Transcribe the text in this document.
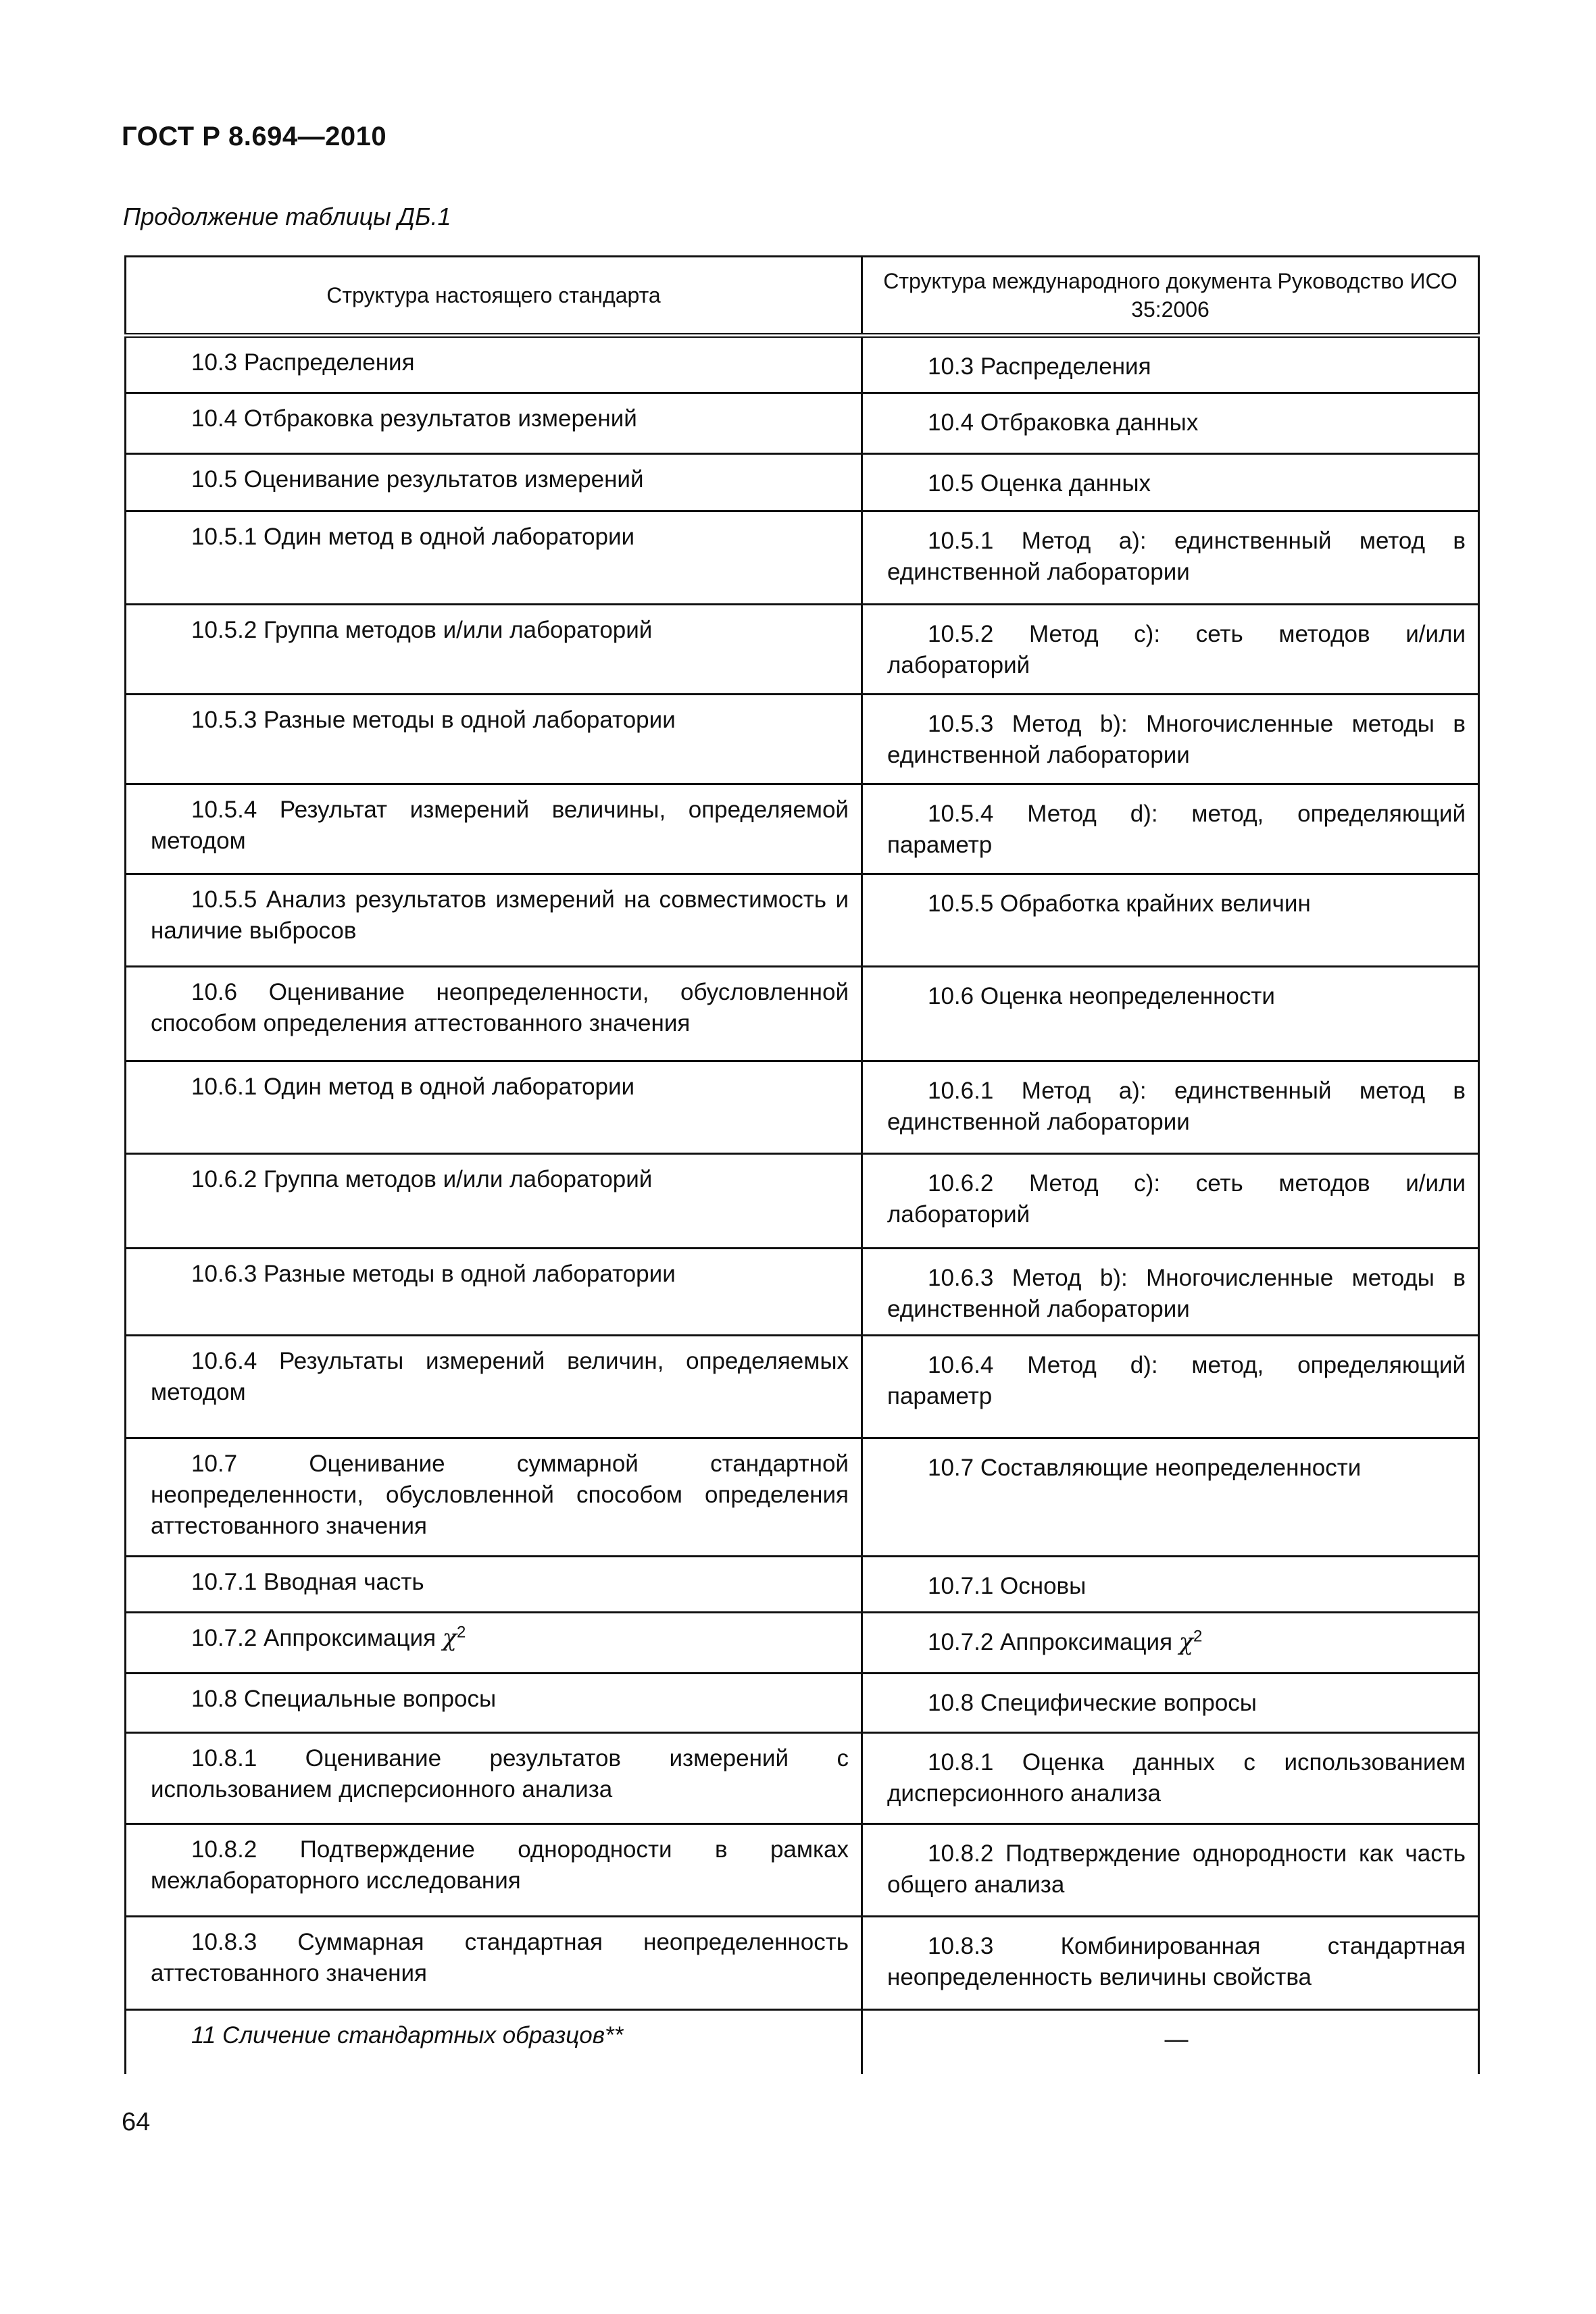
ГОСТ Р 8.694—2010
Продолжение таблицы ДБ.1
Структура настоящего стандарта	Структура международного документа Руководство ИСО 35:2006
10.3 Распределения	10.3 Распределения
10.4 Отбраковка результатов измерений	10.4 Отбраковка данных
10.5 Оценивание результатов измерений	10.5 Оценка данных
10.5.1 Один метод в одной лаборатории	10.5.1 Метод a): единственный метод в единственной лаборатории
10.5.2 Группа методов и/или лабораторий	10.5.2 Метод c): сеть методов и/или лабораторий
10.5.3 Разные методы в одной лаборатории	10.5.3 Метод b): Многочисленные методы в единственной лаборатории
10.5.4 Результат измерений величины, определяемой методом	10.5.4 Метод d): метод, определяющий параметр
10.5.5 Анализ результатов измерений на совместимость и наличие выбросов	10.5.5 Обработка крайних величин
10.6 Оценивание неопределенности, обусловленной способом определения аттестованного значения	10.6 Оценка неопределенности
10.6.1 Один метод в одной лаборатории	10.6.1 Метод a): единственный метод в единственной лаборатории
10.6.2 Группа методов и/или лабораторий	10.6.2 Метод c): сеть методов и/или лабораторий
10.6.3 Разные методы в одной лаборатории	10.6.3 Метод b): Многочисленные методы в единственной лаборатории
10.6.4 Результаты измерений величин, определяемых методом	10.6.4 Метод d): метод, определяющий параметр
10.7 Оценивание суммарной стандартной неопределенности, обусловленной способом определения аттестованного значения	10.7 Составляющие неопределенности
10.7.1 Вводная часть	10.7.1 Основы
10.7.2 Аппроксимация $\chi^2$	10.7.2 Аппроксимация $\chi^2$
10.8 Специальные вопросы	10.8 Специфические вопросы
10.8.1 Оценивание результатов измерений с использованием дисперсионного анализа	10.8.1 Оценка данных с использованием дисперсионного анализа
10.8.2 Подтверждение однородности в рамках межлабораторного исследования	10.8.2 Подтверждение однородности как часть общего анализа
10.8.3 Суммарная стандартная неопределенность аттестованного значения	10.8.3 Комбинированная стандартная неопределенность величины свойства
11 Сличение стандартных образцов**	—
64
